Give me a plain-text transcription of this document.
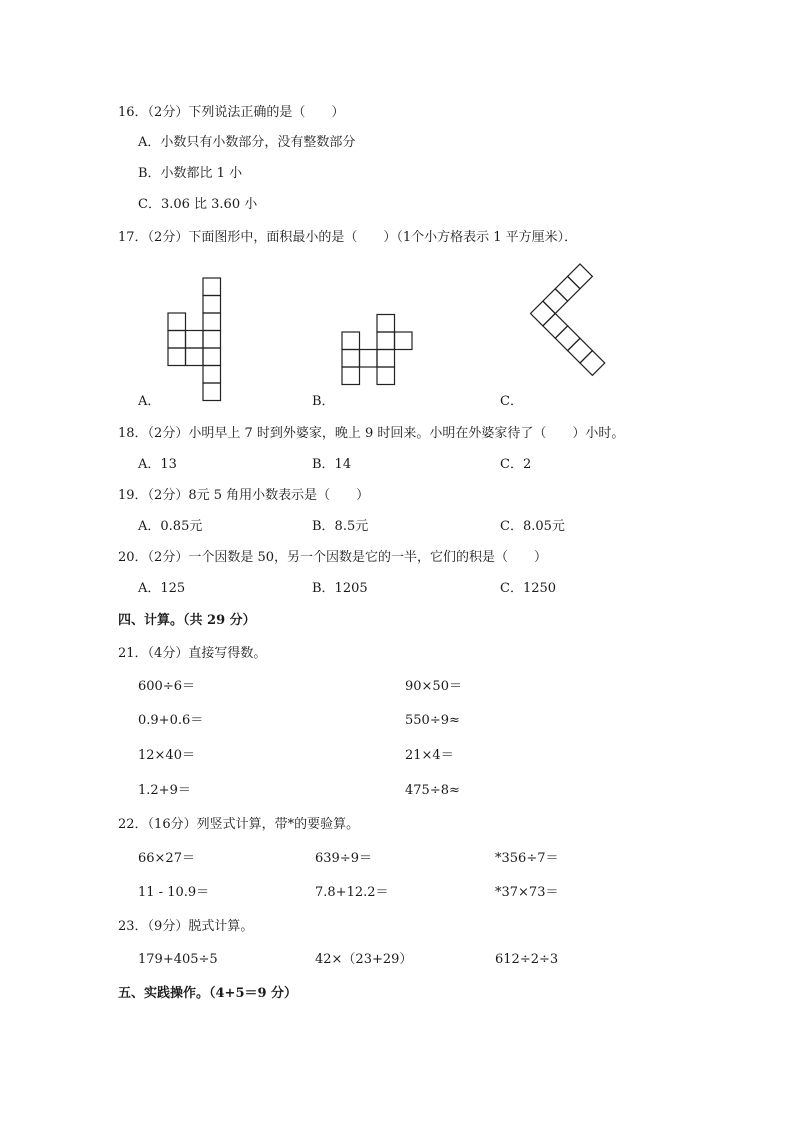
16．（2分）下列说法正确的是（　　）
A．小数只有小数部分，没有整数部分
B．小数都比 1 小
C．3.06 比 3.60 小
17．（2分）下面图形中，面积最小的是（　　）（1个小方格表示 1 平方厘米）．
A．	B．	C．
18．（2分）小明早上 7 时到外婆家，晚上 9 时回来。小明在外婆家待了（　　）小时。
A．13	B．14	C．2
19．（2分）8元 5 角用小数表示是（　　）
A．0.85元	B．8.5元	C．8.05元
20．（2分）一个因数是 50，另一个因数是它的一半，它们的积是（　　）
A．125	B．1205	C．1250
四、计算。（共 29 分）
21．（4分）直接写得数。
600÷6＝	90×50＝
0.9+0.6＝	550÷9≈
12×40＝	21×4＝
1.2+9＝	475÷8≈
22．（16分）列竖式计算，带*的要验算。
66×27＝	639÷9＝	*356÷7＝
11 - 10.9＝	7.8+12.2＝	*37×73＝
23．（9分）脱式计算。
179+405÷5	42×（23+29）	612÷2÷3
五、实践操作。（4+5＝9 分）
